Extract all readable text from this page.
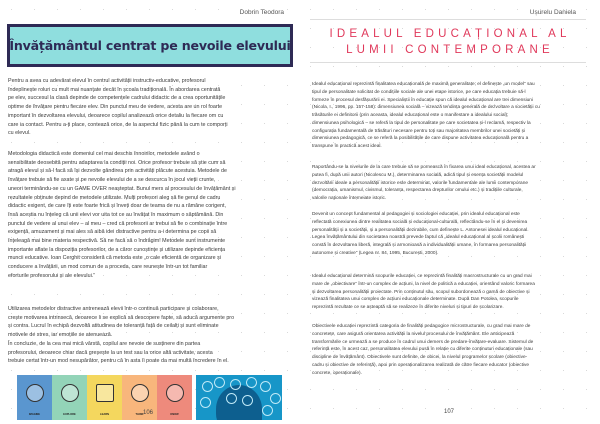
Dobrin Teodora
Învățământul centrat pe nevoile elevului
Pentru a avea cu adevărat elevul în centrul activității instructiv-educative, profesorul
îndeplinește roluri cu mult mai nuanțate decât în școala tradițională. În abordarea centrată
pe elev, succesul la clasă depinde de competențele cadrului didactic de a crea oportunitățile
optime de învățare pentru fiecare elev. Din punctul meu de vedere, acesta are un rol foarte
important în dezvoltarea elevului, deoarece copilul analizează orice detaliu la fiecare om cu
care ia contact. Pentru a-ți place, contează orice, de la aspectul fizic până la cum te comporți
cu elevul.
Metodologia didactică este domeniul cel mai deschis înnoirilor, metodele având o
sensibilitate deosebită pentru adaptarea la condiții noi. Orice profesor trebuie să știe cum să
atragă elevul și să-l facă să își dezvolte gândirea prin activități plăcute acestuia. Metodele de
învățare trebuie să fie axate și pe nevoile elevului de a se descurca în jocul vieții crunte,
uneori terminându-se cu un GAME OVER neașteptat. Bunul mers al procesului de învățământ și
rezultatele obținute depind de metodele utilizate. Mulți profesori aleg să fie genul de cadru
didactic exigent, de care îți este foarte frică și înveți doar de teama de nu a rămâne corigent,
însă aceștia nu înțeleg că unii elevi vor uita tot ce au învățat în maximum o săptămână. Din
punctul de vedere al unui elev – al meu – cred că profesorii ar trebui să fie o combinație între
exigență, amuzament și mai ales să aibă idei distractive pentru a-i determina pe copii să
înțeleagă mai bine materia respectivă. Să ne facă să o îndrăgim! Metodele sunt instrumente
importante aflate la dispoziția profesorilor, de a căror cunoștințe și utilizare depinde eficiența
muncii educative. Ioan Cerghit consideră că metoda este „o cale eficientă de organizare și
conducere a învățării, un mod comun de a proceda, care reunește într-un tot familiar
eforturile profesorului și ale elevului.”
Utilizarea metodelor distractive antrenează elevii într-o continuă participare și colaborare,
crește motivarea intrinsecă, deoarece li se explică să descopere fapte, să aducă argumente pro
și contra. Lucrul în echipă dezvoltă atitudinea de toleranță față de ceilalți și sunt eliminate
motivele de stres, iar emoțiile se atenuează.
În concluzie, de la cea mai mică vârstă, copilul are nevoie de susținere din partea
profesorului, deoarece chiar dacă greșește la un test sau la orice altă activitate, acesta
trebuie certat într-un mod nesupărător, pentru că în asta îi poate da mai multă încredere în el.
IMAGINE	EXPLORE	LEARN	THINK	KNOW
106
Ușurelu Daniela
IDEALUL EDUCAȚIONAL AL
LUMII CONTEMPORANE
Idealul educațional reprezintă finalitatea educațională de maximă generalitate; el definește „un model” sau
tipul de personalitate solicitat de condițiile sociale ale unei etape istorice, pe care educația trebuie să-l
formeze în procesul desfășurării ei. Specialiștii în educație spun că idealul educațional are trei dimensiuni
(Nicola, I., 1996, pp. 157-158): dimensiunea socială – vizează tendința generală de dezvoltare a societății cu
trăsăturile ei definitorii (prin aceasta, idealul educațional este o manifestare a idealului social);
dimensiunea psihologică – se referă la tipul de personalitate pe care societatea și-l reclamă, respectiv la
configurația fundamentală de trăsături necesare pentru toți sau majoritatea membrilor unei societăți și
dimensiunea pedagogică, ce se referă la posibilitățile de care dispune activitatea educațională pentru a
transpune în practică acest ideal.
Raportându-se la nivelurile de la care trebuie să se pornească în fixarea unui ideal educațional, acestea ar
putea fi, după unii autori (Nicolescu M.), determinarea socială, adică tipul și esența societății modelul
dezvoltării ideale a personalității istorice este determinat, valorile fundamentale ale lumii contemporane
(democrația, umanismul, civismul, toleranța, respectarea drepturilor omului etc.) și tradițiile culturale,
valorile naționale întemeiate istoric.
Devenit un concept fundamental al pedagogiei și sociologiei educației, prin idealul educațional este
reflectată conexiunea dintre realitatea socială și educațional-culturală, reflectându-se în el și devenirea
personalității și a societății, și a personalității dezirabile, cum definește L. Antonesei idealul educațional.
Legea învățământului din societatea noastră prevede faptul că „idealul educațional al școlii românești
constă în dezvoltarea liberă, integrală și armonioasă a individualității umane, în formarea personalității
autonome și creative” (Legea nr. 84, 1995, București, 2000).
Idealul educațional determină scopurile educației, ce reprezintă finalități macrostructurale cu un grad mai
mare de „obiectivare” într-un complex de acțiuni, la nivel de politică a educației, orientând valoric formarea
și dezvoltarea personalității proiectate. Prin conținutul său, scopul subordonează o gamă de obiective și
vizează finalitatea unui complex de acțiuni educaționale determinate. După Dan Potolea, scopurile
reprezintă rezultate ce se așteaptă să se realizeze în diferite niveluri și tipuri de școlarizare.
Obiectivele educației reprezintă categoria de finalități pedagogice microstructurale, cu grad mai mare de
concretețe, care asigură orientarea activității la nivelul procesului de învățământ. Ele anticipează
transformările ce urmează a se produce în cadrul unui demers de predare-învățare-evaluare. Sistemul de
referință este, în acest caz, personalitatea elevului pusă în relație cu diferite conținuturi educaționale (sau
discipline de învățământ). Obiectivele sunt definite, de obicei, la nivelul programelor școlare (obiective-
cadru și obiective de referință), apoi prin operaționalizarea realizată de către fiecare educator (obiective
concrete, operaționale).
107
